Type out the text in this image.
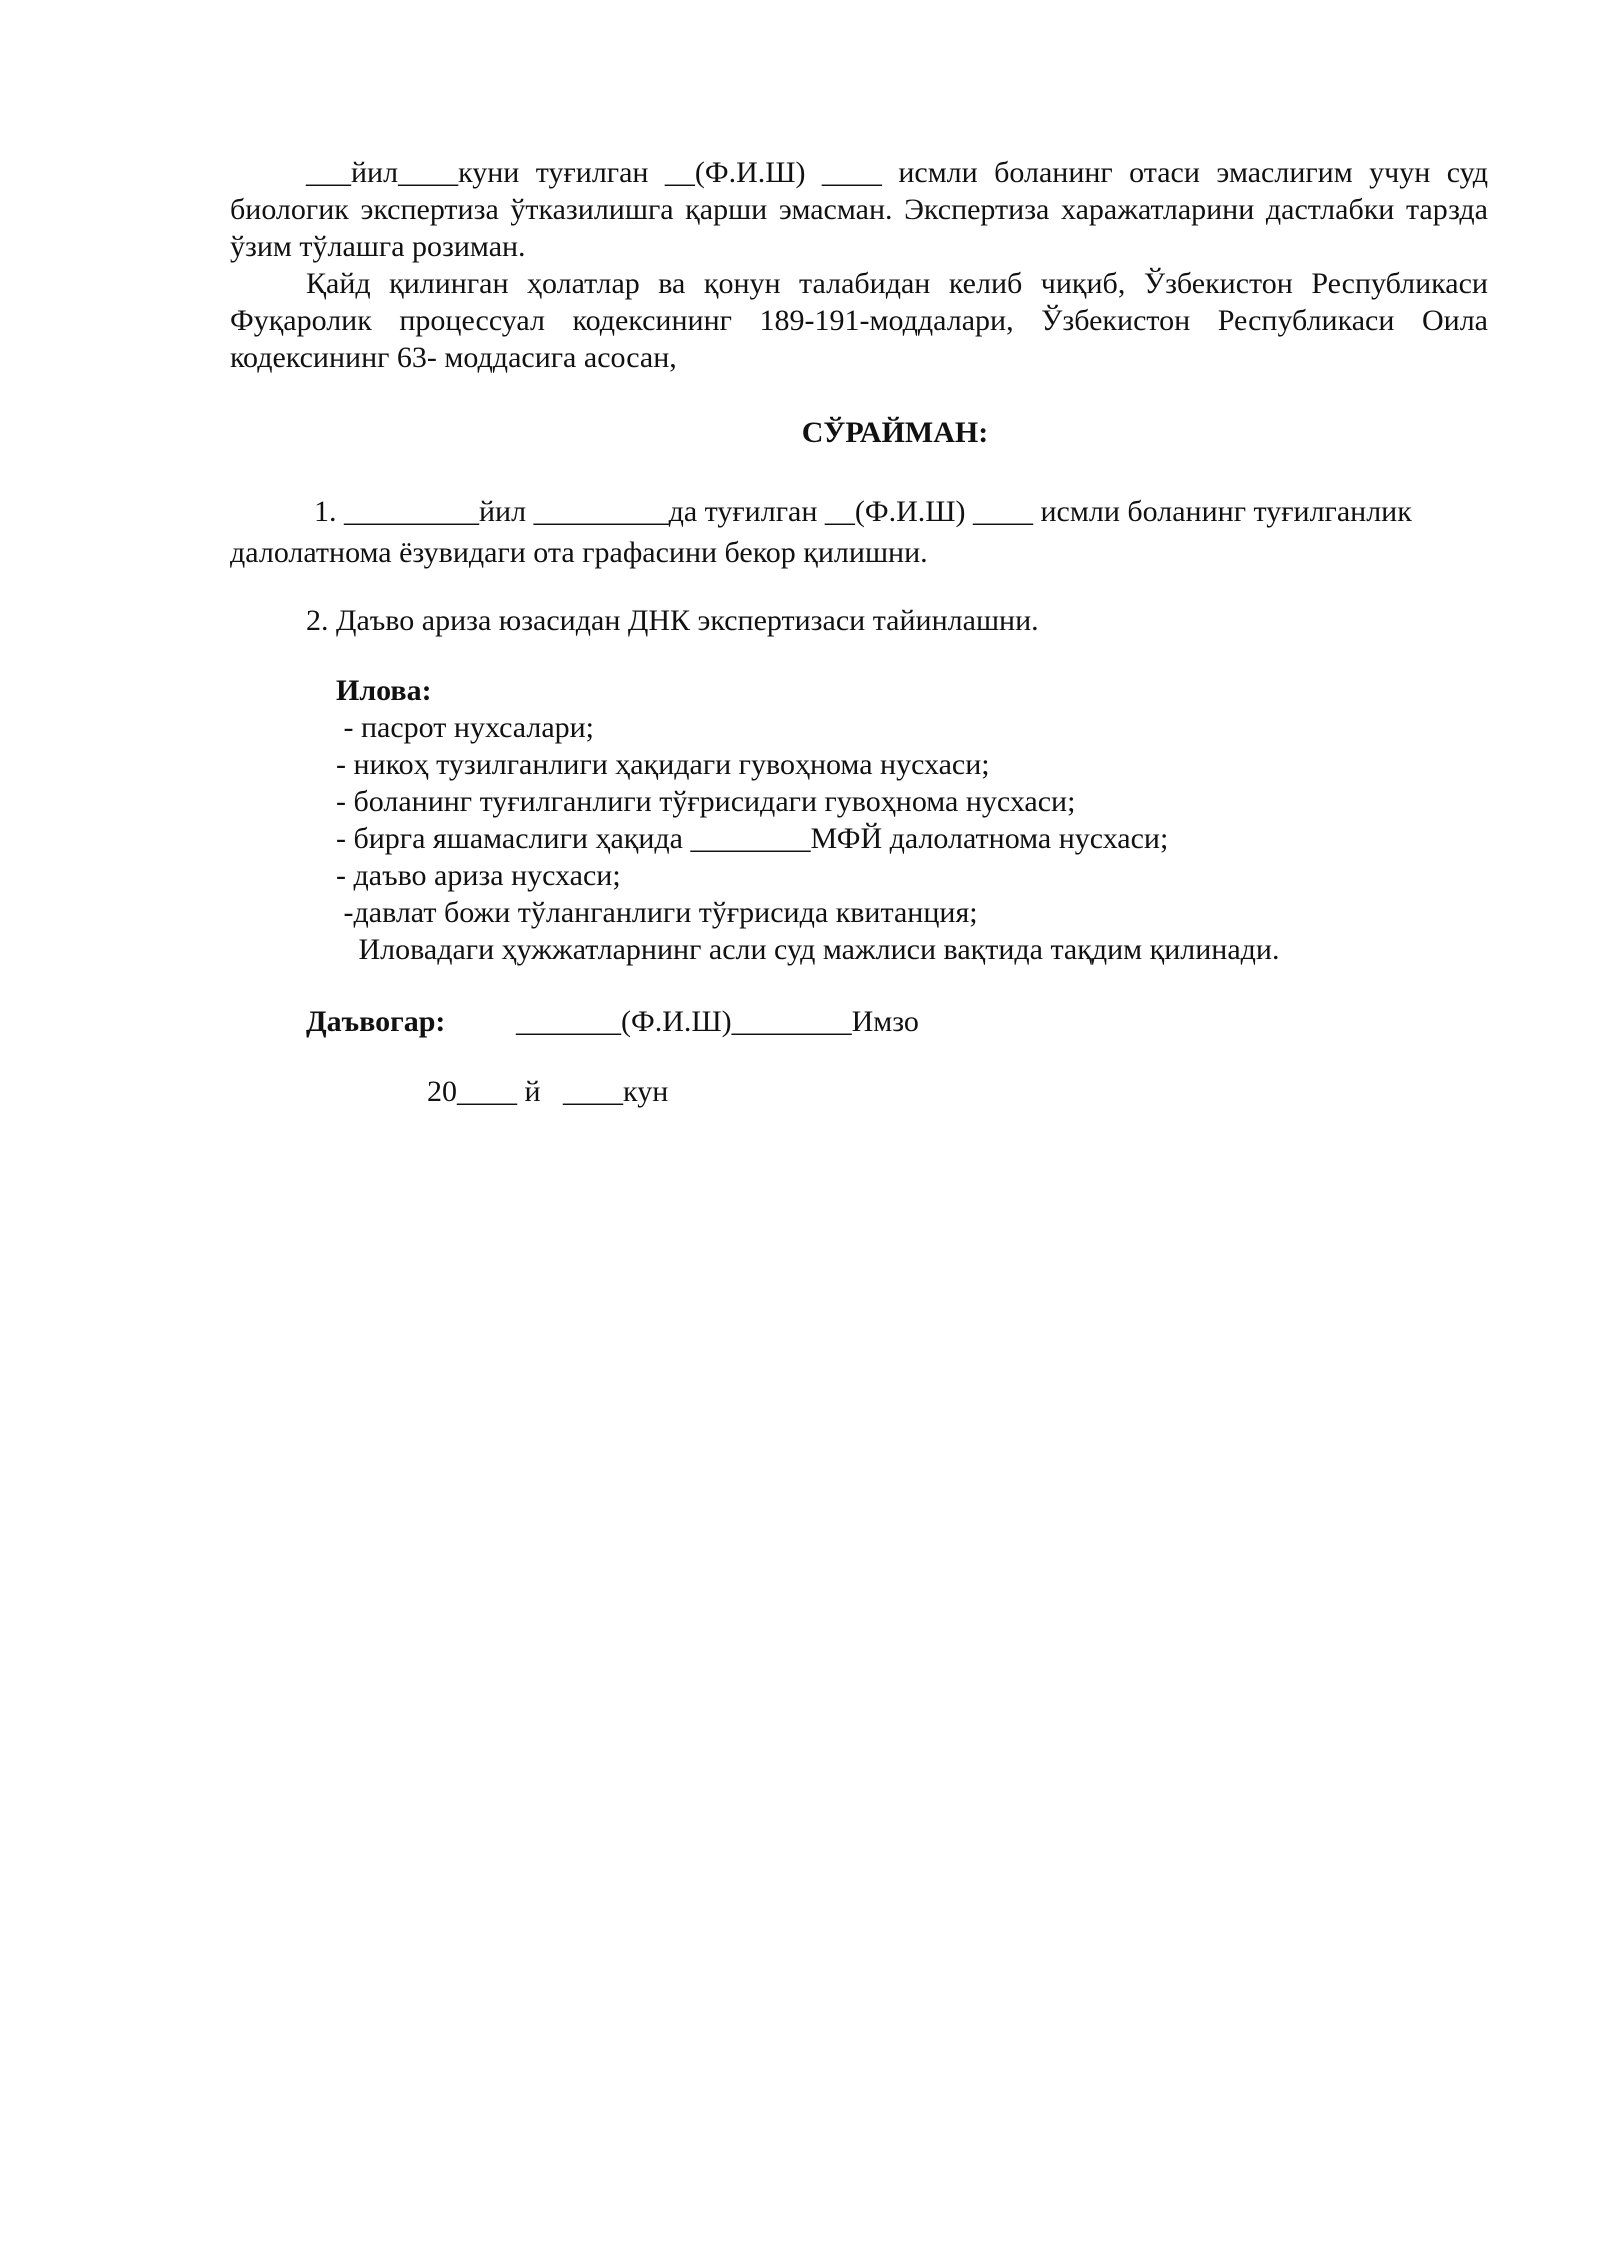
___йил____куни туғилган __(Ф.И.Ш) ____ исмли боланинг отаси эмаслигим учун суд биологик экспертиза ўтказилишга қарши эмасман. Экспертиза харажатларини дастлабки тарзда ўзим тўлашга розиман.

Қайд қилинган ҳолатлар ва қонун талабидан келиб чиқиб, Ўзбекистон Республикаси Фуқаролик процессуал кодексининг 189-191-моддалари, Ўзбекистон Республикаси Оила кодексининг 63- моддасига асосан,

СЎРАЙМАН:

1. _________йил _________да туғилган __(Ф.И.Ш) ____ исмли боланинг туғилганлик далолатнома ёзувидаги ота графасини бекор қилишни.

2. Даъво ариза юзасидан ДНК экспертизаси тайинлашни.

Илова:

- пасрот нухсалари;

- никоҳ тузилганлиги ҳақидаги гувоҳнома нусхаси;

- боланинг туғилганлиги тўғрисидаги гувоҳнома нусхаси;

- бирга яшамаслиги ҳақида ________МФЙ далолатнома нусхаси;

- даъво ариза нусхаси;

-давлат божи тўланганлиги тўғрисида квитанция;

Иловадаги ҳужжатларнинг асли суд мажлиси вақтида тақдим қилинади.

Даъвогар: _______(Ф.И.Ш)________Имзо
20____ й   ____кун
